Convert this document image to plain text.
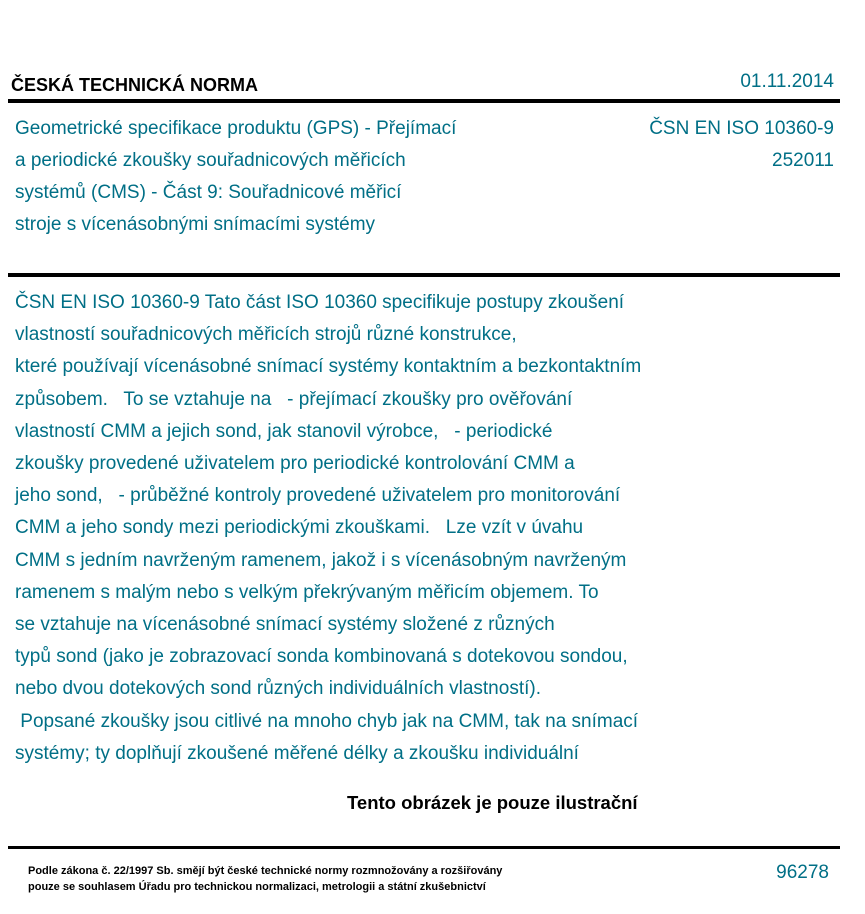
ČESKÁ TECHNICKÁ NORMA	01.11.2014
Geometrické specifikace produktu (GPS) - Přejímací
a periodické zkoušky souřadnicových měřicích
systémů (CMS) - Část 9: Souřadnicové měřicí
stroje s vícenásobnými snímacími systémy
ČSN EN ISO 10360-9
252011
ČSN EN ISO 10360-9 Tato část ISO 10360 specifikuje postupy zkoušení
vlastností souřadnicových měřicích strojů různé konstrukce,
které používají vícenásobné snímací systémy kontaktním a bezkontaktním
způsobem.   To se vztahuje na   - přejímací zkoušky pro ověřování
vlastností CMM a jejich sond, jak stanovil výrobce,   - periodické
zkoušky provedené uživatelem pro periodické kontrolování CMM a
jeho sond,   - průběžné kontroly provedené uživatelem pro monitorování
CMM a jeho sondy mezi periodickými zkouškami.   Lze vzít v úvahu
CMM s jedním navrženým ramenem, jakož i s vícenásobným navrženým
ramenem s malým nebo s velkým překrývaným měřicím objemem. To
se vztahuje na vícenásobné snímací systémy složené z různých
typů sond (jako je zobrazovací sonda kombinovaná s dotekovou sondou,
nebo dvou dotekových sond různých individuálních vlastností).
Popsané zkoušky jsou citlivé na mnoho chyb jak na CMM, tak na snímací
systémy; ty doplňují zkoušené měřené délky a zkoušku individuální
Tento obrázek je pouze ilustrační
Podle zákona č. 22/1997 Sb. smějí být české technické normy rozmnožovány a rozšiřovány
pouze se souhlasem Úřadu pro technickou normalizaci, metrologii a státní zkušebnictví
96278
